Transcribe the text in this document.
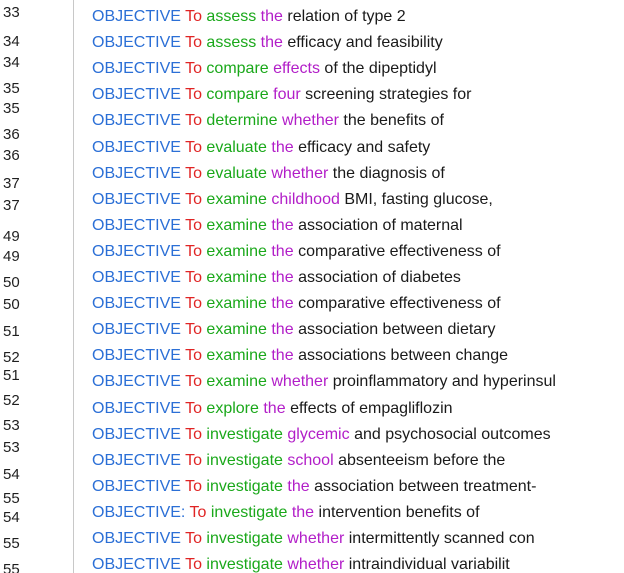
33
34
34
35
35
36
36
37
37
49
49
50
50
51
52
51
52
53
53
54
55
54
55
55
OBJECTIVE To assess the relation of type 2
OBJECTIVE To assess the efficacy and feasibility
OBJECTIVE To compare effects of the dipeptidyl
OBJECTIVE To compare four screening strategies for
OBJECTIVE To determine whether the benefits of
OBJECTIVE To evaluate the efficacy and safety
OBJECTIVE To evaluate whether the diagnosis of
OBJECTIVE To examine childhood BMI, fasting glucose,
OBJECTIVE To examine the association of maternal
OBJECTIVE To examine the comparative effectiveness of
OBJECTIVE To examine the association of diabetes
OBJECTIVE To examine the comparative effectiveness of
OBJECTIVE To examine the association between dietary
OBJECTIVE To examine the associations between change
OBJECTIVE To examine whether proinflammatory and hyperinsul
OBJECTIVE To explore the effects of empagliflozin
OBJECTIVE To investigate glycemic and psychosocial outcomes
OBJECTIVE To investigate school absenteeism before the
OBJECTIVE To investigate the association between treatment-
OBJECTIVE: To investigate the intervention benefits of
OBJECTIVE To investigate whether intermittently scanned con
OBJECTIVE To investigate whether intraindividual variabilit
